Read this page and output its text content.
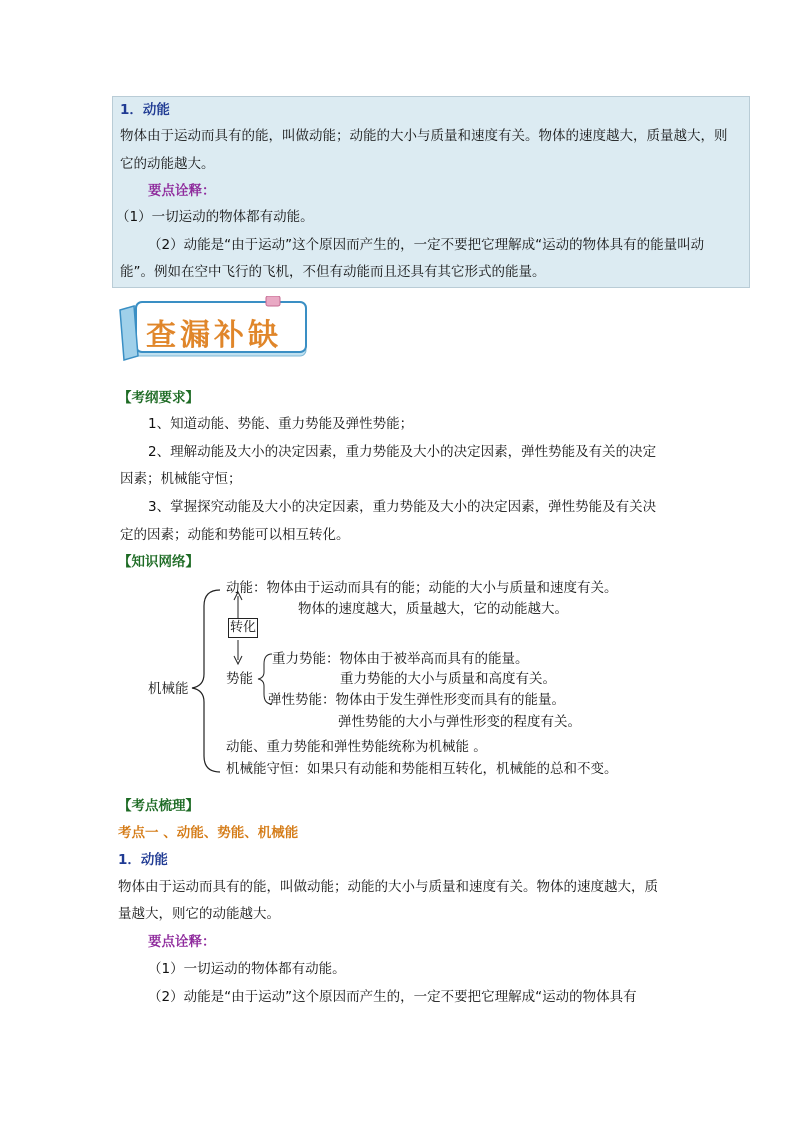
1．动能
物体由于运动而具有的能，叫做动能；动能的大小与质量和速度有关。物体的速度越大，质量越大，则
它的动能越大。
要点诠释：
（1）一切运动的物体都有动能。
（2）动能是“由于运动”这个原因而产生的，一定不要把它理解成“运动的物体具有的能量叫动
能”。例如在空中飞行的飞机，不但有动能而且还具有其它形式的能量。
查漏补缺
【考纲要求】
1、知道动能、势能、重力势能及弹性势能；
2、理解动能及大小的决定因素，重力势能及大小的决定因素，弹性势能及有关的决定
因素；机械能守恒；
3、掌握探究动能及大小的决定因素，重力势能及大小的决定因素，弹性势能及有关决
定的因素；动能和势能可以相互转化。
【知识网络】
动能：物体由于运动而具有的能；动能的大小与质量和速度有关。
物体的速度越大，质量越大，它的动能越大。
转化
机械能
势能
重力势能：物体由于被举高而具有的能量。
重力势能的大小与质量和高度有关。
弹性势能：物体由于发生弹性形变而具有的能量。
弹性势能的大小与弹性形变的程度有关。
动能、重力势能和弹性势能统称为机械能 。
机械能守恒：如果只有动能和势能相互转化，机械能的总和不变。
【考点梳理】
考点一 、动能、势能、机械能
1．动能
物体由于运动而具有的能，叫做动能；动能的大小与质量和速度有关。物体的速度越大，质
量越大，则它的动能越大。
要点诠释：
（1）一切运动的物体都有动能。
（2）动能是“由于运动”这个原因而产生的，一定不要把它理解成“运动的物体具有
